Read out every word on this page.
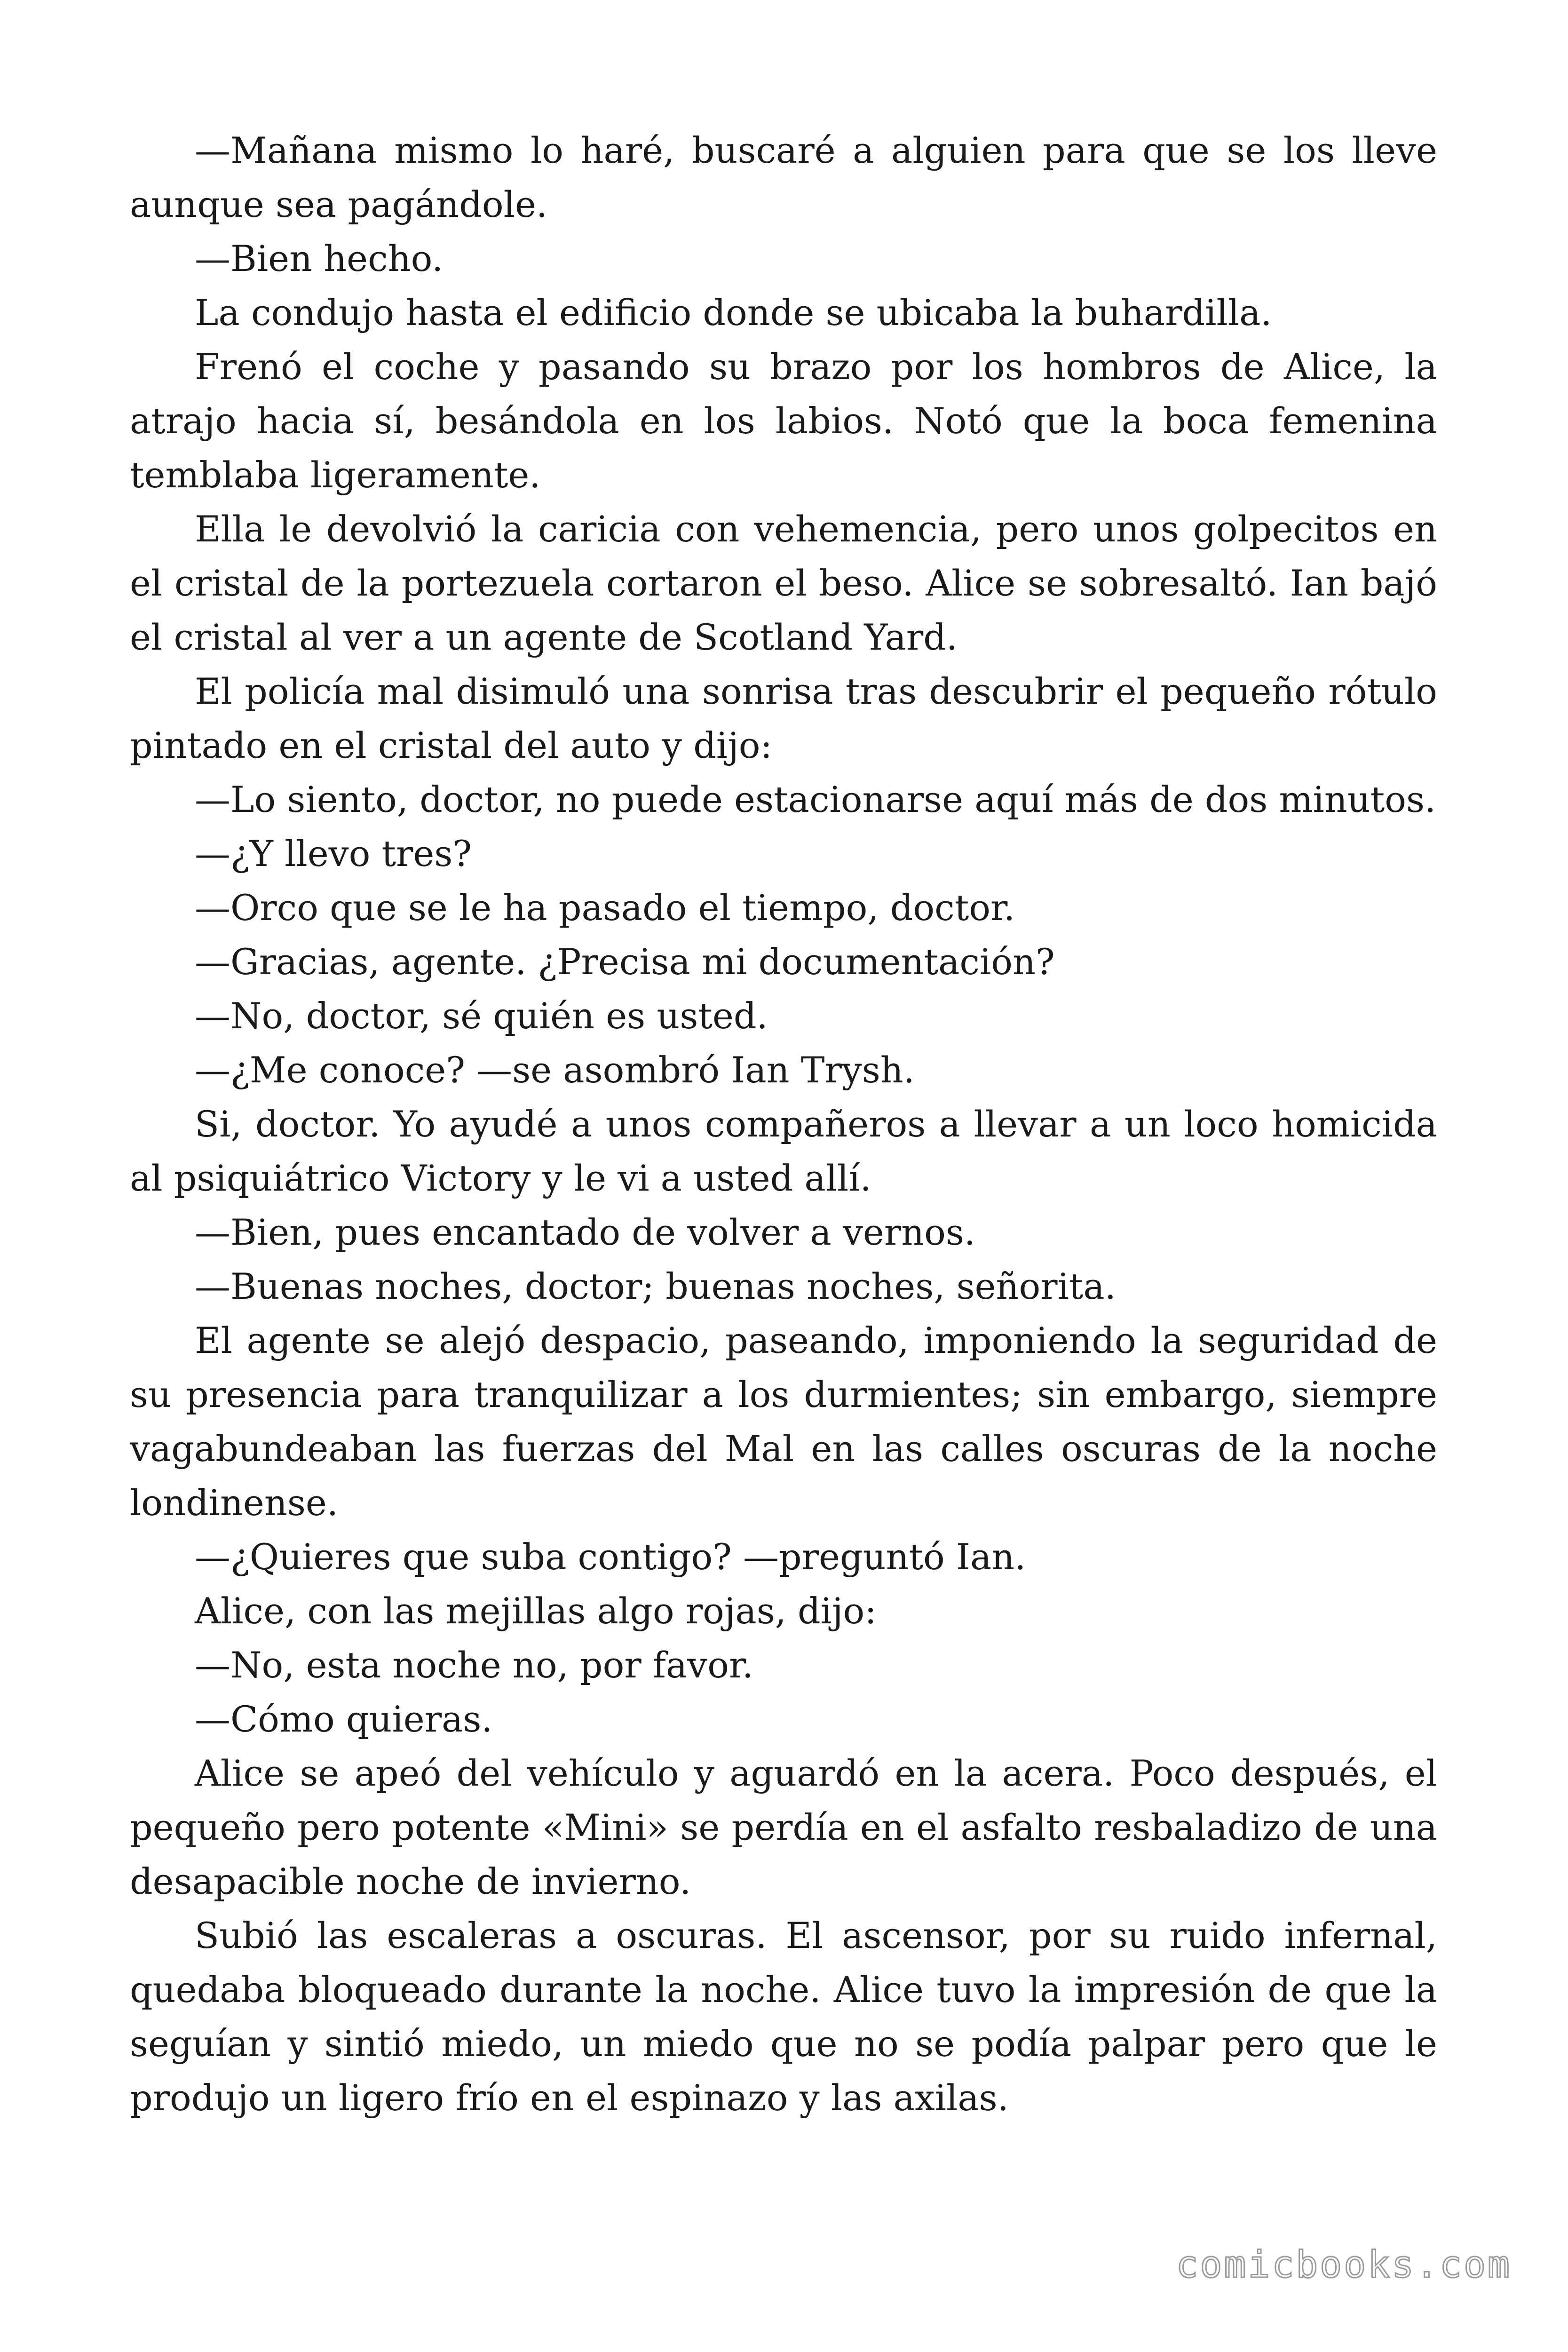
—Mañana mismo lo haré, buscaré a alguien para que se los lleve aunque sea pagándole.

—Bien hecho.

La condujo hasta el edificio donde se ubicaba la buhardilla.

Frenó el coche y pasando su brazo por los hombros de Alice, la atrajo hacia sí, besándola en los labios. Notó que la boca femenina temblaba ligeramente.

Ella le devolvió la caricia con vehemencia, pero unos golpecitos en el cristal de la portezuela cortaron el beso. Alice se sobresaltó. Ian bajó el cristal al ver a un agente de Scotland Yard.

El policía mal disimuló una sonrisa tras descubrir el pequeño rótulo pintado en el cristal del auto y dijo:

—Lo siento, doctor, no puede estacionarse aquí más de dos minutos.

—¿Y llevo tres?

—Orco que se le ha pasado el tiempo, doctor.

—Gracias, agente. ¿Precisa mi documentación?

—No, doctor, sé quién es usted.

—¿Me conoce? —se asombró Ian Trysh.

Si, doctor. Yo ayudé a unos compañeros a llevar a un loco homicida al psiquiátrico Victory y le vi a usted allí.

—Bien, pues encantado de volver a vernos.

—Buenas noches, doctor; buenas noches, señorita.

El agente se alejó despacio, paseando, imponiendo la seguridad de su presencia para tranquilizar a los durmientes; sin embargo, siempre vagabundeaban las fuerzas del Mal en las calles oscuras de la noche londinense.

—¿Quieres que suba contigo? —preguntó Ian.

Alice, con las mejillas algo rojas, dijo:

—No, esta noche no, por favor.

—Cómo quieras.

Alice se apeó del vehículo y aguardó en la acera. Poco después, el pequeño pero potente «Mini» se perdía en el asfalto resbaladizo de una desapacible noche de invierno.

Subió las escaleras a oscuras. El ascensor, por su ruido infernal, quedaba bloqueado durante la noche. Alice tuvo la impresión de que la seguían y sintió miedo, un miedo que no se podía palpar pero que le produjo un ligero frío en el espinazo y las axilas.

comicbooks.com
